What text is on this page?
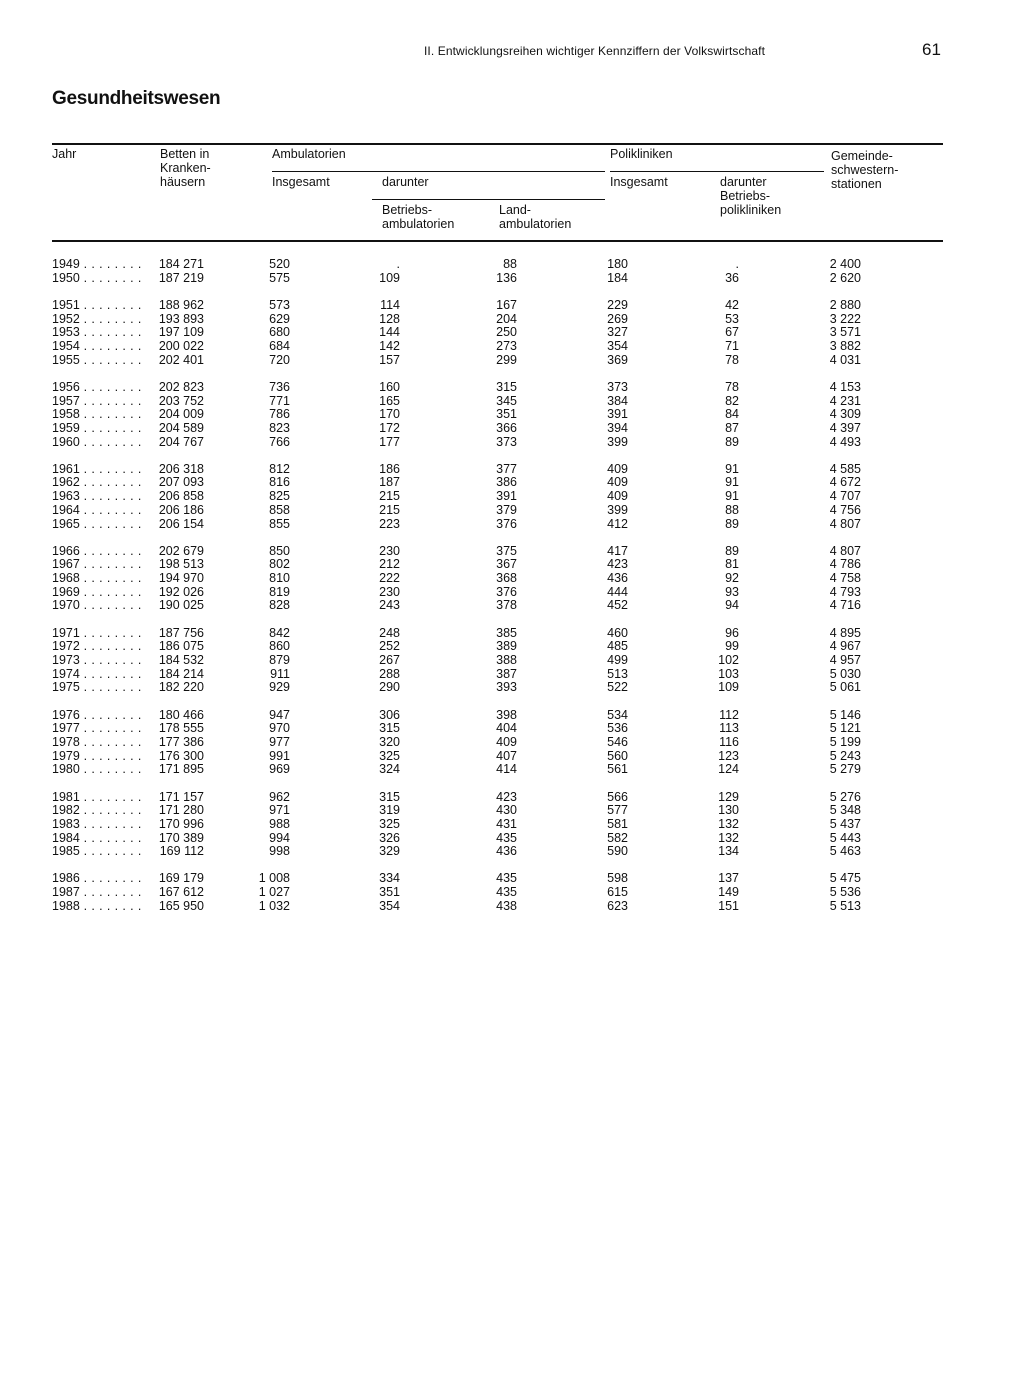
II. Entwicklungsreihen wichtiger Kennziffern der Volkswirtschaft	61
Gesundheitswesen
Jahr	Betten in
Kranken-
häusern
Ambulatorien
Insgesamt	darunter
Betriebs-
ambulatorien
Land-
ambulatorien
Polikliniken
Insgesamt	darunter
Betriebs-
polikliniken
Gemeinde-
schwestern-
stationen
1949 . . .	184 271	520	.	88	180	.	2 400
1950 . . .	187 219	575	109	136	184	36	2 620
1951 . . .	188 962	573	114	167	229	42	2 880
1952 . . .	193 893	629	128	204	269	53	3 222
1953 . . .	197 109	680	144	250	327	67	3 571
1954 . . .	200 022	684	142	273	354	71	3 882
1955 . . .	202 401	720	157	299	369	78	4 031
1956 . . .	202 823	736	160	315	373	78	4 153
1957 . . .	203 752	771	165	345	384	82	4 231
1958 . . .	204 009	786	170	351	391	84	4 309
1959 . . .	204 589	823	172	366	394	87	4 397
1960 . . .	204 767	766	177	373	399	89	4 493
1961 . . .	206 318	812	186	377	409	91	4 585
1962 . . .	207 093	816	187	386	409	91	4 672
1963 . . .	206 858	825	215	391	409	91	4 707
1964 . . .	206 186	858	215	379	399	88	4 756
1965 . . .	206 154	855	223	376	412	89	4 807
1966 . . .	202 679	850	230	375	417	89	4 807
1967 . . .	198 513	802	212	367	423	81	4 786
1968 . . .	194 970	810	222	368	436	92	4 758
1969 . . .	192 026	819	230	376	444	93	4 793
1970 . . .	190 025	828	243	378	452	94	4 716
1971 . . .	187 756	842	248	385	460	96	4 895
1972 . . .	186 075	860	252	389	485	99	4 967
1973 . . .	184 532	879	267	388	499	102	4 957
1974 . . .	184 214	911	288	387	513	103	5 030
1975 . . .	182 220	929	290	393	522	109	5 061
1976 . . .	180 466	947	306	398	534	112	5 146
1977 . . .	178 555	970	315	404	536	113	5 121
1978 . . .	177 386	977	320	409	546	116	5 199
1979 . . .	176 300	991	325	407	560	123	5 243
1980 . . .	171 895	969	324	414	561	124	5 279
1981 . . .	171 157	962	315	423	566	129	5 276
1982 . . .	171 280	971	319	430	577	130	5 348
1983 . . .	170 996	988	325	431	581	132	5 437
1984 . . .	170 389	994	326	435	582	132	5 443
1985 . . .	169 112	998	329	436	590	134	5 463
1986 . . .	169 179	1 008	334	435	598	137	5 475
1987 . . .	167 612	1 027	351	435	615	149	5 536
1988 . . .	165 950	1 032	354	438	623	151	5 513
